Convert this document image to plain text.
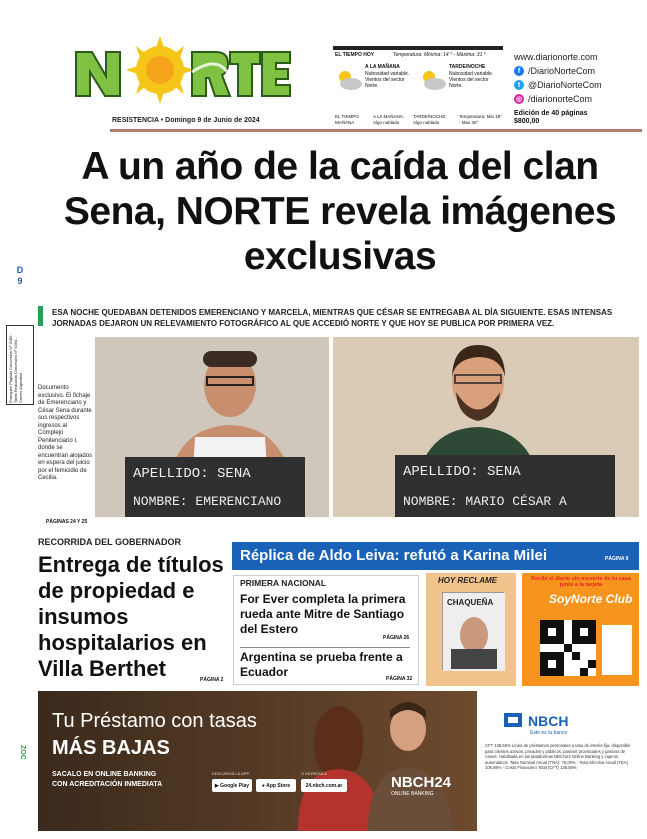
RESISTENCIA • Domingo 9 de Junio de 2024
EL TIEMPO HOY	Temperatura: Mínima: 14 ° - Máxima: 31 °
A LA MAÑANA
Nubosidad variable. Vientos del sector Norte.
TARDE/NOCHE
Nubosidad variable. Vientos del sector Norte.
EL TIEMPO MAÑANA
A LA MAÑANA: Algo nublado
TARDE/NOCHE: Algo nublado
Temperatura: Min 18° - Max 30°
www.diarionorte.com
f /DiarioNorteCom
t @DiarioNorteCom
◎ /diarionorteCom
Edición de 40 páginas
$800,00
A un año de la caída del clan Sena, NORTE revela imágenes exclusivas
D 9
Franqueo Pagado Concesión Nº 3189 - Tarifa Reducida Concesión Nº 5394 - Correo Argentino
ESA NOCHE QUEDABAN DETENIDOS EMERENCIANO Y MARCELA, MIENTRAS QUE CÉSAR SE ENTREGABA AL DÍA SIGUIENTE. ESAS INTENSAS JORNADAS DEJARON UN RELEVAMIENTO FOTOGRÁFICO AL QUE ACCEDIÓ NORTE Y QUE HOY SE PUBLICA POR PRIMERA VEZ.
APELLIDO: SENA
NOMBRE: EMERENCIANO
APELLIDO: SENA
NOMBRE: MARIO CÉSAR A
Documento exclusivo. El fichaje de Emerenciano y César Sena durante sus respectivos ingresos al Complejo Penitenciario I, donde se encuentran alojados en espera del juicio por el femicidio de Cecilia.
PÁGINAS 24 Y 25
RECORRIDA DEL GOBERNADOR
Entrega de títulos de propiedad e insumos hospitalarios en Villa Berthet	PÁGINA 2
Réplica de Aldo Leiva: refutó a Karina Milei	PÁGINA 9
PRIMERA NACIONAL
For Ever completa la primera rueda ante Mitre de Santiago del Estero
PÁGINA 26
Argentina se prueba frente a Ecuador	PÁGINA 32
HOY RECLAME
CHAQUEÑA
Recibí el diario sin moverte de tu casa junto a la tarjeta
SoyNorte Club
Tu Préstamo con tasas
MÁS BAJAS
SACALO EN ONLINE BANKING
CON ACREDITACIÓN INMEDIATA
DESCARGÁ LA APP	O INGRESÁ A
▶ Google Play	● App Store	24.nbch.com.ar	NBCH24
ONLINE BANKING
NBCH
Este es tu banco
CFT 138,56% Línea de préstamos personales a tasa de interés fija, disponible para clientes activos, privados y públicos, pasivos provinciales y pasivos de Anses. Habilitada en las plataformas NBCH24 Online Banking y cajeros automáticos. Tasa Nominal Anual (TNA): 75,00% - Tasa Efectiva Anual (TEA) 106,98% - Costo Financiero Total (CFT) 138,56%
ZOC
